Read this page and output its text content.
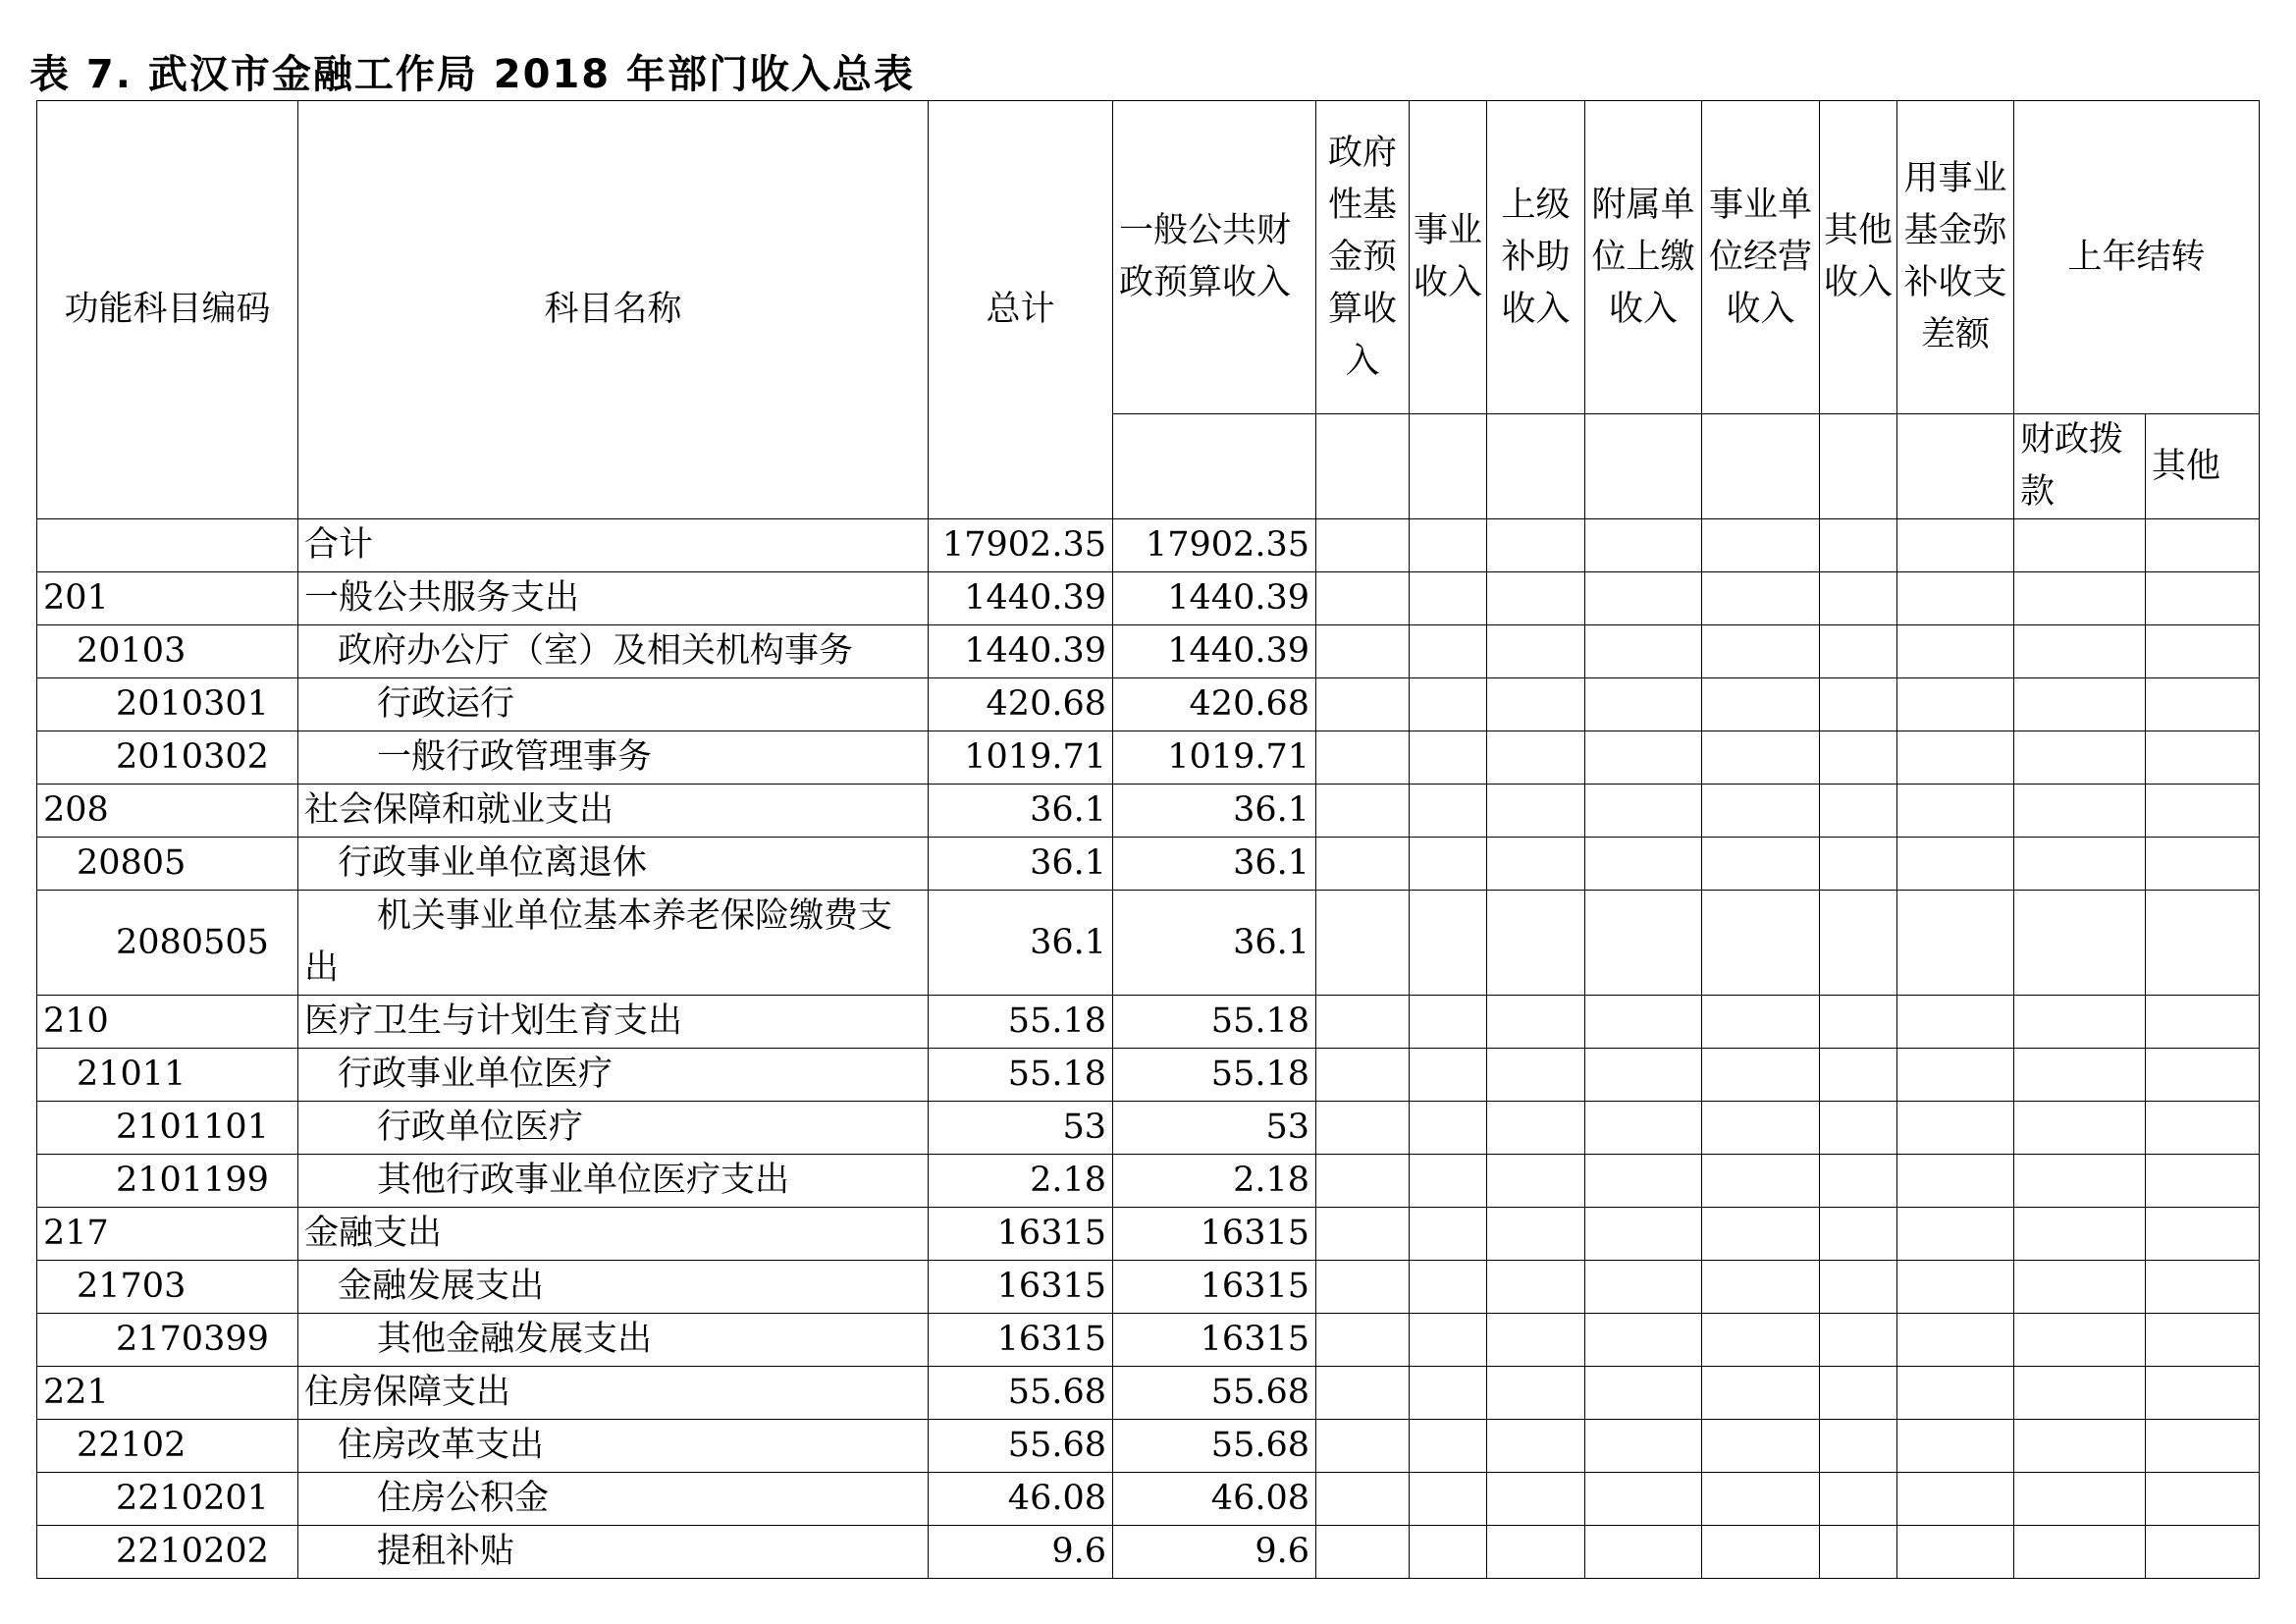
表 7. 武汉市金融工作局 2018 年部门收入总表
功能科目编码	科目名称	总计	一般公共财政预算收入	政府性基金预算收入	事业收入	上级补助收入	附属单位上缴收入	事业单位经营收入	其他收入	用事业基金弥补收支差额	上年结转	
											财政拨款	其他
	合计	17902.35	17902.35									
201	一般公共服务支出	1440.39	1440.39									
20103	政府办公厅（室）及相关机构事务	1440.39	1440.39									
2010301	行政运行	420.68	420.68									
2010302	一般行政管理事务	1019.71	1019.71									
208	社会保障和就业支出	36.1	36.1									
20805	行政事业单位离退休	36.1	36.1									
2080505	机关事业单位基本养老保险缴费支出	36.1	36.1									
210	医疗卫生与计划生育支出	55.18	55.18									
21011	行政事业单位医疗	55.18	55.18									
2101101	行政单位医疗	53	53									
2101199	其他行政事业单位医疗支出	2.18	2.18									
217	金融支出	16315	16315									
21703	金融发展支出	16315	16315									
2170399	其他金融发展支出	16315	16315									
221	住房保障支出	55.68	55.68									
22102	住房改革支出	55.68	55.68									
2210201	住房公积金	46.08	46.08									
2210202	提租补贴	9.6	9.6									
